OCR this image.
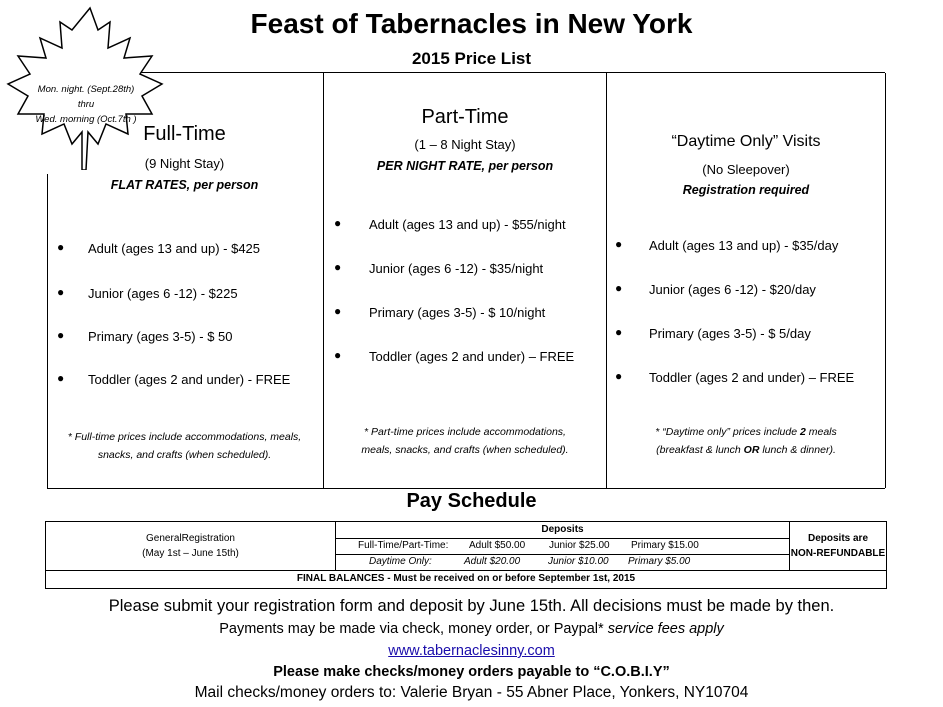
Feast of Tabernacles in New York
2015 Price List
Full-Time
(9 Night Stay)
FLAT RATES, per person
● Adult (ages 13 and up) - $425
● Junior (ages 6 -12) - $225
● Primary (ages 3-5) - $ 50
● Toddler (ages 2 and under) - FREE
* Full-time prices include accommodations, meals,
snacks, and crafts (when scheduled).
Part-Time
(1 – 8 Night Stay)
PER NIGHT RATE, per person
● Adult (ages 13 and up) - $55/night
● Junior (ages 6 -12) - $35/night
● Primary (ages 3-5) - $ 10/night
● Toddler (ages 2 and under) – FREE
* Part-time prices include accommodations,
meals, snacks, and crafts (when scheduled).
“Daytime Only” Visits
(No Sleepover)
Registration required
● Adult (ages 13 and up) - $35/day
● Junior (ages 6 -12) - $20/day
● Primary (ages 3-5) - $ 5/day
● Toddler (ages 2 and under) – FREE
* “Daytime only” prices include 2 meals
(breakfast & lunch OR lunch & dinner).
Mon. night. (Sept.28th)
thru
Wed. morning (Oct.7th )
Pay Schedule
GeneralRegistration
(May 1st – June 15th)
Deposits
Full-Time/Part-Time: Adult $50.00 Junior $25.00 Primary $15.00
Daytime Only:	Adult $20.00	Junior $10.00 Primary $5.00
Deposits are
NON-REFUNDABLE
FINAL BALANCES - Must be received on or before September 1st, 2015
Please submit your registration form and deposit by June 15th. All decisions must be made by then.
Payments may be made via check, money order, or Paypal* service fees apply
www.tabernaclesinny.com
Please make checks/money orders payable to “C.O.B.I.Y”
Mail checks/money orders to: Valerie Bryan - 55 Abner Place, Yonkers, NY10704
